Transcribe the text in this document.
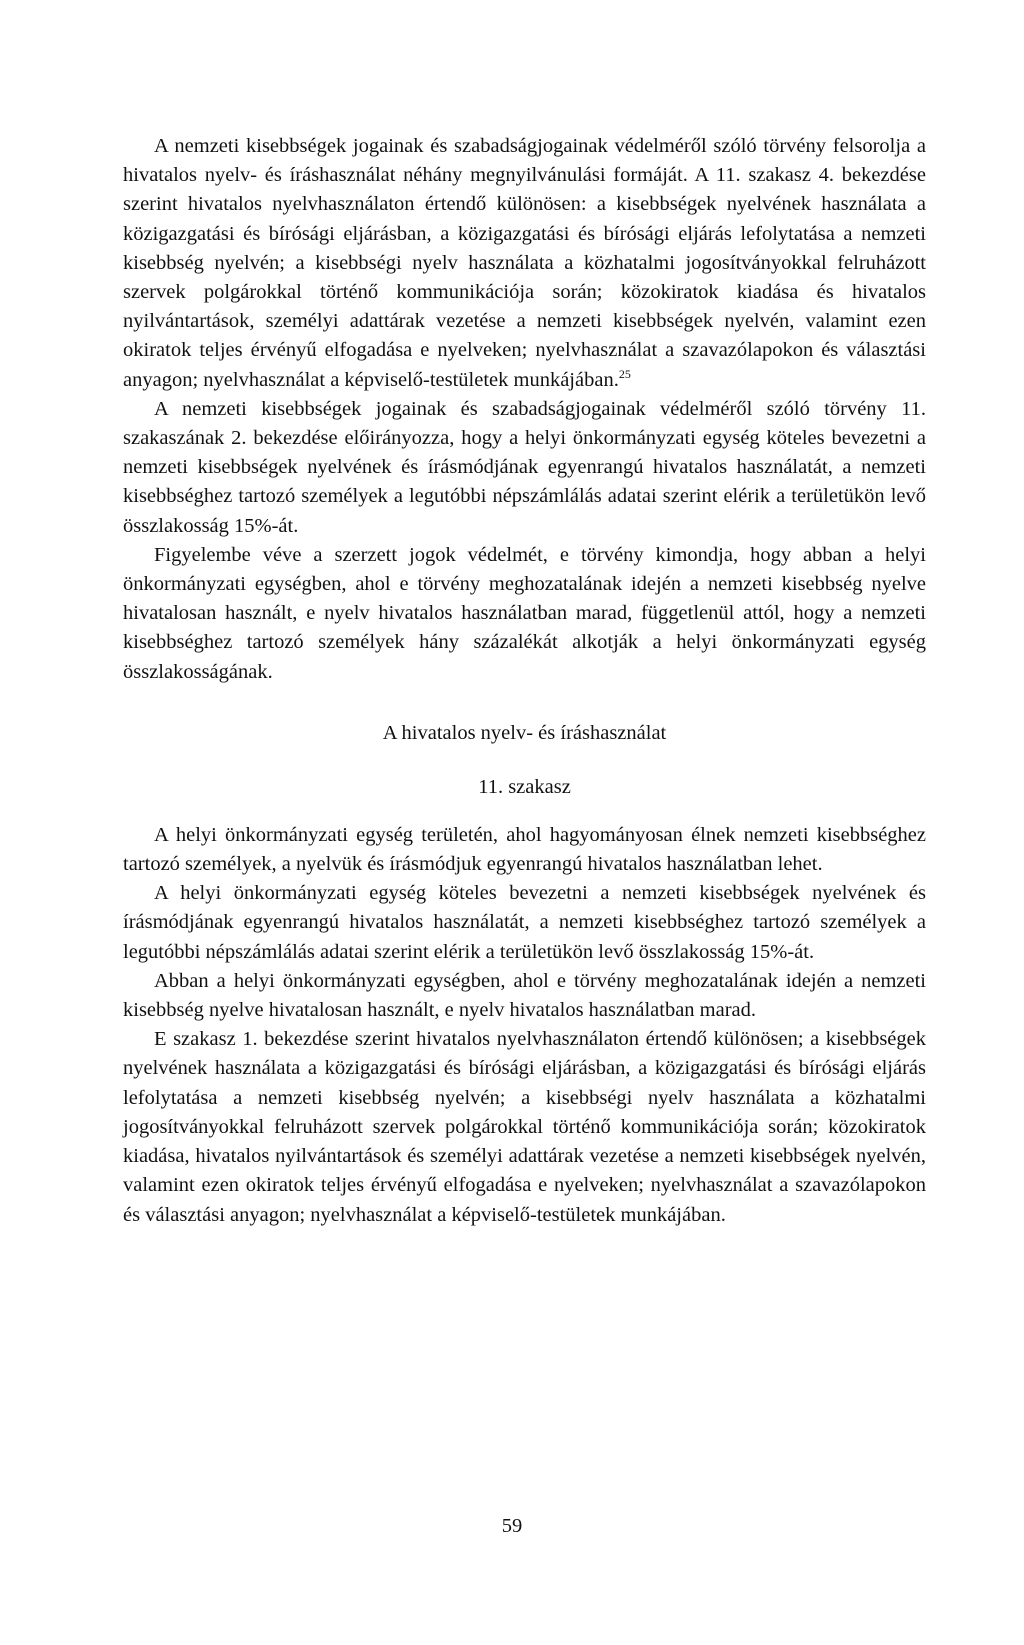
A nemzeti kisebbségek jogainak és szabadságjogainak védelméről szóló törvény felsorolja a hivatalos nyelv- és íráshasználat néhány megnyilvánulási formáját. A 11. szakasz 4. bekezdése szerint hivatalos nyelvhasználaton értendő különösen: a kisebbségek nyelvének használata a közigazgatási és bírósági eljárásban, a közigazgatási és bírósági eljárás lefolytatása a nemzeti kisebbség nyelvén; a kisebbségi nyelv használata a közhatalmi jogosítványokkal felruházott szervek polgárokkal történő kommunikációja során; közokiratok kiadása és hivatalos nyilvántartások, személyi adattárak vezetése a nemzeti kisebbségek nyelvén, valamint ezen okiratok teljes érvényű elfogadása e nyelveken; nyelvhasználat a szavazólapokon és választási anyagon; nyelvhasználat a képviselő-testületek munkájában.$^{25}$

A nemzeti kisebbségek jogainak és szabadságjogainak védelméről szóló törvény 11. szakaszának 2. bekezdése előirányozza, hogy a helyi önkormányzati egység köteles bevezetni a nemzeti kisebbségek nyelvének és írásmódjának egyenrangú hivatalos használatát, a nemzeti kisebbséghez tartozó személyek a legutóbbi népszámlálás adatai szerint elérik a területükön levő összlakosság 15%-át.

Figyelembe véve a szerzett jogok védelmét, e törvény kimondja, hogy abban a helyi önkormányzati egységben, ahol e törvény meghozatalának idején a nemzeti kisebbség nyelve hivatalosan használt, e nyelv hivatalos használatban marad, függetlenül attól, hogy a nemzeti kisebbséghez tartozó személyek hány százalékát alkotják a helyi önkormányzati egység összlakosságának.

A hivatalos nyelv- és íráshasználat

11. szakasz

A helyi önkormányzati egység területén, ahol hagyományosan élnek nemzeti kisebbséghez tartozó személyek, a nyelvük és írásmódjuk egyenrangú hivatalos használatban lehet.

A helyi önkormányzati egység köteles bevezetni a nemzeti kisebbségek nyelvének és írásmódjának egyenrangú hivatalos használatát, a nemzeti kisebbséghez tartozó személyek a legutóbbi népszámlálás adatai szerint elérik a területükön levő összlakosság 15%-át.

Abban a helyi önkormányzati egységben, ahol e törvény meghozatalának idején a nemzeti kisebbség nyelve hivatalosan használt, e nyelv hivatalos használatban marad.

E szakasz 1. bekezdése szerint hivatalos nyelvhasználaton értendő különösen; a kisebbségek nyelvének használata a közigazgatási és bírósági eljárásban, a közigazgatási és bírósági eljárás lefolytatása a nemzeti kisebbség nyelvén; a kisebbségi nyelv használata a közhatalmi jogosítványokkal felruházott szervek polgárokkal történő kommunikációja során; közokiratok kiadása, hivatalos nyilvántartások és személyi adattárak vezetése a nemzeti kisebbségek nyelvén, valamint ezen okiratok teljes érvényű elfogadása e nyelveken; nyelvhasználat a szavazólapokon és választási anyagon; nyelvhasználat a képviselő-testületek munkájában.

59
